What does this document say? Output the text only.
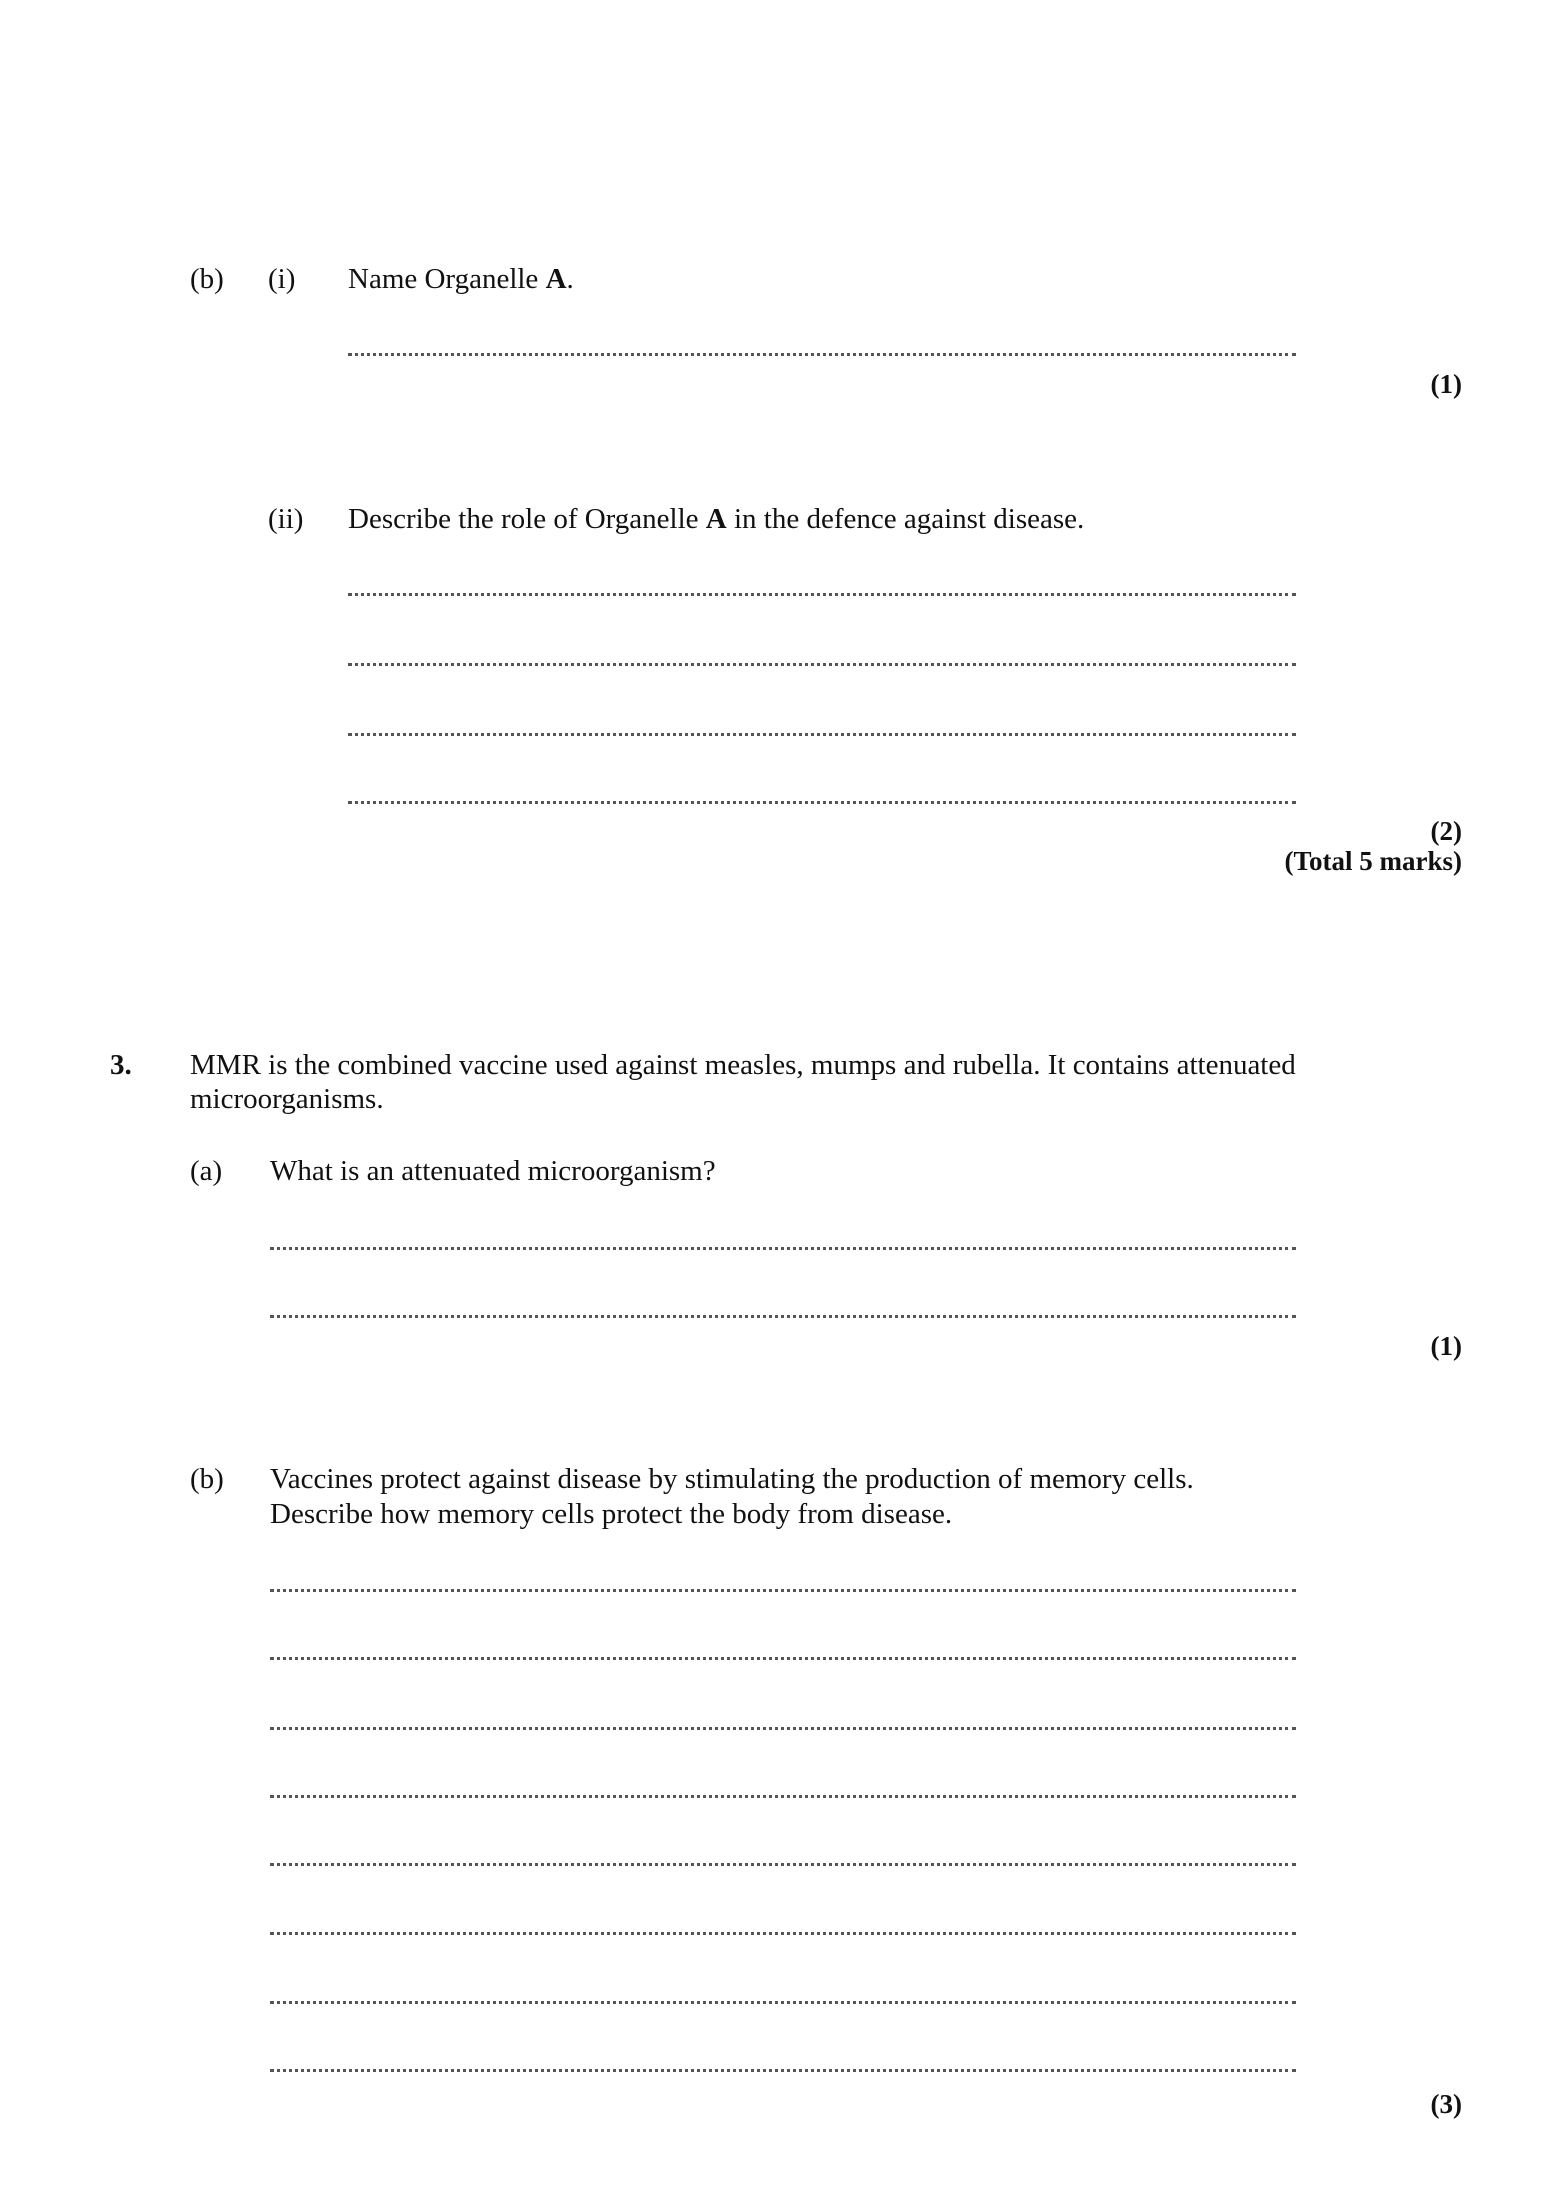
(b) (i) Name Organelle A.
(1)
(ii) Describe the role of Organelle A in the defence against disease.
(2)
(Total 5 marks)
3. MMR is the combined vaccine used against measles, mumps and rubella. It contains attenuated
microorganisms.
(a) What is an attenuated microorganism?
(1)
(b) Vaccines protect against disease by stimulating the production of memory cells.
Describe how memory cells protect the body from disease.
(3)
